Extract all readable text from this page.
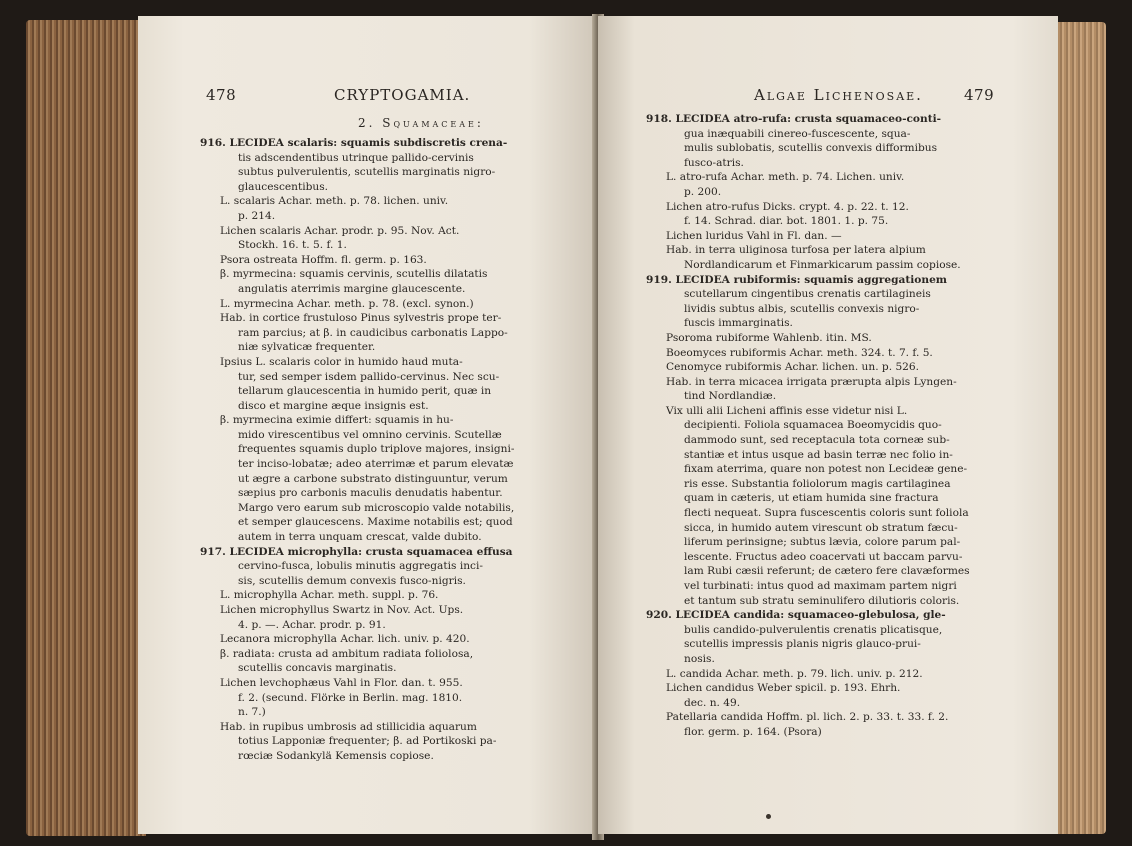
478	CRYPTOGAMIA.
2. Squamaceae:
916. LECIDEA scalaris: squamis subdiscretis crena-
tis adscendentibus utrinque pallido-cervinis
subtus pulverulentis, scutellis marginatis nigro-
glaucescentibus.
L. scalaris Achar. meth. p. 78. lichen. univ.
p. 214.
Lichen scalaris Achar. prodr. p. 95. Nov. Act.
Stockh. 16. t. 5. f. 1.
Psora ostreata Hoffm. fl. germ. p. 163.
β. myrmecina: squamis cervinis, scutellis dilatatis
angulatis aterrimis margine glaucescente.
L. myrmecina Achar. meth. p. 78. (excl. synon.)
Hab. in cortice frustuloso Pinus sylvestris prope ter-
ram parcius; at β. in caudicibus carbonatis Lappo-
niæ sylvaticæ frequenter.
Ipsius L. scalaris color in humido haud muta-
tur, sed semper isdem pallido-cervinus. Nec scu-
tellarum glaucescentia in humido perit, quæ in
disco et margine æque insignis est.
β. myrmecina eximie differt: squamis in hu-
mido virescentibus vel omnino cervinis. Scutellæ
frequentes squamis duplo triplove majores, insigni-
ter inciso-lobatæ; adeo aterrimæ et parum elevatæ
ut ægre a carbone substrato distinguuntur, verum
sæpius pro carbonis maculis denudatis habentur.
Margo vero earum sub microscopio valde notabilis,
et semper glaucescens. Maxime notabilis est; quod
autem in terra unquam crescat, valde dubito.
917. LECIDEA microphylla: crusta squamacea effusa
cervino-fusca, lobulis minutis aggregatis inci-
sis, scutellis demum convexis fusco-nigris.
L. microphylla Achar. meth. suppl. p. 76.
Lichen microphyllus Swartz in Nov. Act. Ups.
4. p. —. Achar. prodr. p. 91.
Lecanora microphylla Achar. lich. univ. p. 420.
β. radiata: crusta ad ambitum radiata foliolosa,
scutellis concavis marginatis.
Lichen levchophæus Vahl in Flor. dan. t. 955.
f. 2. (secund. Flörke in Berlin. mag. 1810.
n. 7.)
Hab. in rupibus umbrosis ad stillicidia aquarum
totius Lapponiæ frequenter; β. ad Portikoski pa-
rœciæ Sodankylä Kemensis copiose.
Algae Lichenosae.	479
918. LECIDEA atro-rufa: crusta squamaceo-conti-
gua inæquabili cinereo-fuscescente, squa-
mulis sublobatis, scutellis convexis difformibus
fusco-atris.
L. atro-rufa Achar. meth. p. 74. Lichen. univ.
p. 200.
Lichen atro-rufus Dicks. crypt. 4. p. 22. t. 12.
f. 14. Schrad. diar. bot. 1801. 1. p. 75.
Lichen luridus Vahl in Fl. dan. —
Hab. in terra uliginosa turfosa per latera alpium
Nordlandicarum et Finmarkicarum passim copiose.
919. LECIDEA rubiformis: squamis aggregationem
scutellarum cingentibus crenatis cartilagineis
lividis subtus albis, scutellis convexis nigro-
fuscis immarginatis.
Psoroma rubiforme Wahlenb. itin. MS.
Boeomyces rubiformis Achar. meth. 324. t. 7. f. 5.
Cenomyce rubiformis Achar. lichen. un. p. 526.
Hab. in terra micacea irrigata prærupta alpis Lyngen-
tind Nordlandiæ.
Vix ulli alii Licheni affinis esse videtur nisi L.
decipienti. Foliola squamacea Boeomycidis quo-
dammodo sunt, sed receptacula tota corneæ sub-
stantiæ et intus usque ad basin terræ nec folio in-
fixam aterrima, quare non potest non Lecideæ gene-
ris esse. Substantia foliolorum magis cartilaginea
quam in cæteris, ut etiam humida sine fractura
flecti nequeat. Supra fuscescentis coloris sunt foliola
sicca, in humido autem virescunt ob stratum fæcu-
liferum perinsigne; subtus lævia, colore parum pal-
lescente. Fructus adeo coacervati ut baccam parvu-
lam Rubi cæsii referunt; de cætero fere clavæformes
vel turbinati: intus quod ad maximam partem nigri
et tantum sub stratu seminulifero dilutioris coloris.
920. LECIDEA candida: squamaceo-glebulosa, gle-
bulis candido-pulverulentis crenatis plicatisque,
scutellis impressis planis nigris glauco-prui-
nosis.
L. candida Achar. meth. p. 79. lich. univ. p. 212.
Lichen candidus Weber spicil. p. 193. Ehrh.
dec. n. 49.
Patellaria candida Hoffm. pl. lich. 2. p. 33. t. 33. f. 2.
flor. germ. p. 164. (Psora)
